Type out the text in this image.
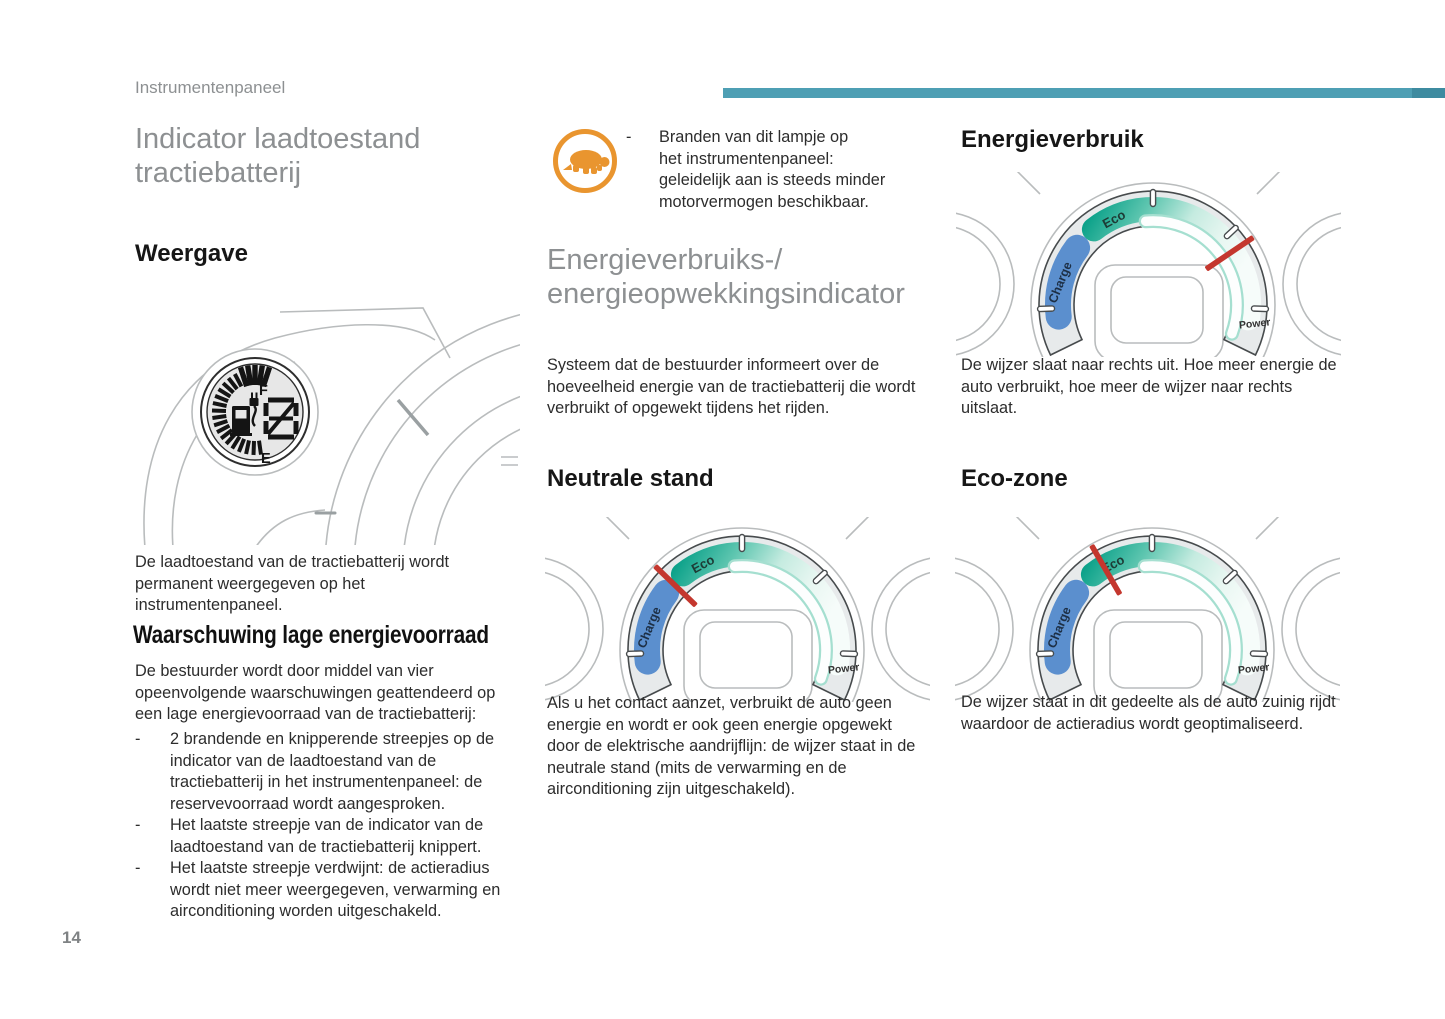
Instrumentenpaneel
Indicator laadtoestand tractiebatterij
Weergave
F
E
De laadtoestand van de tractiebatterij wordt permanent weergegeven op het instrumentenpaneel.
Waarschuwing lage energievoorraad
De bestuurder wordt door middel van vier opeenvolgende waarschuwingen geattendeerd op een lage energievoorraad van de tractiebatterij:
-	2 brandende en knipperende streepjes op de indicator van de laadtoestand van de tractiebatterij in het instrumentenpaneel: de reservevoorraad wordt aangesproken.
-	Het laatste streepje van de indicator van de laadtoestand van de tractiebatterij knippert.
-	Het laatste streepje verdwijnt: de actieradius wordt niet meer weergegeven, verwarming en airconditioning worden uitgeschakeld.
14
- Branden van dit lampje op
het instrumentenpaneel:
geleidelijk aan is steeds minder
motorvermogen beschikbaar.
Energieverbruiks-/
energieopwekkingsindicator
Systeem dat de bestuurder informeert over de hoeveelheid energie van de tractiebatterij die wordt verbruikt of opgewekt tijdens het rijden.
Neutrale stand
Als u het contact aanzet, verbruikt de auto geen energie en wordt er ook geen energie opgewekt door de elektrische aandrijflijn: de wijzer staat in de neutrale stand (mits de verwarming en de airconditioning zijn uitgeschakeld).
Energieverbruik
De wijzer slaat naar rechts uit. Hoe meer energie de auto verbruikt, hoe meer de wijzer naar rechts uitslaat.
Eco-zone
De wijzer staat in dit gedeelte als de auto zuinig rijdt waardoor de actieradius wordt geoptimaliseerd.
